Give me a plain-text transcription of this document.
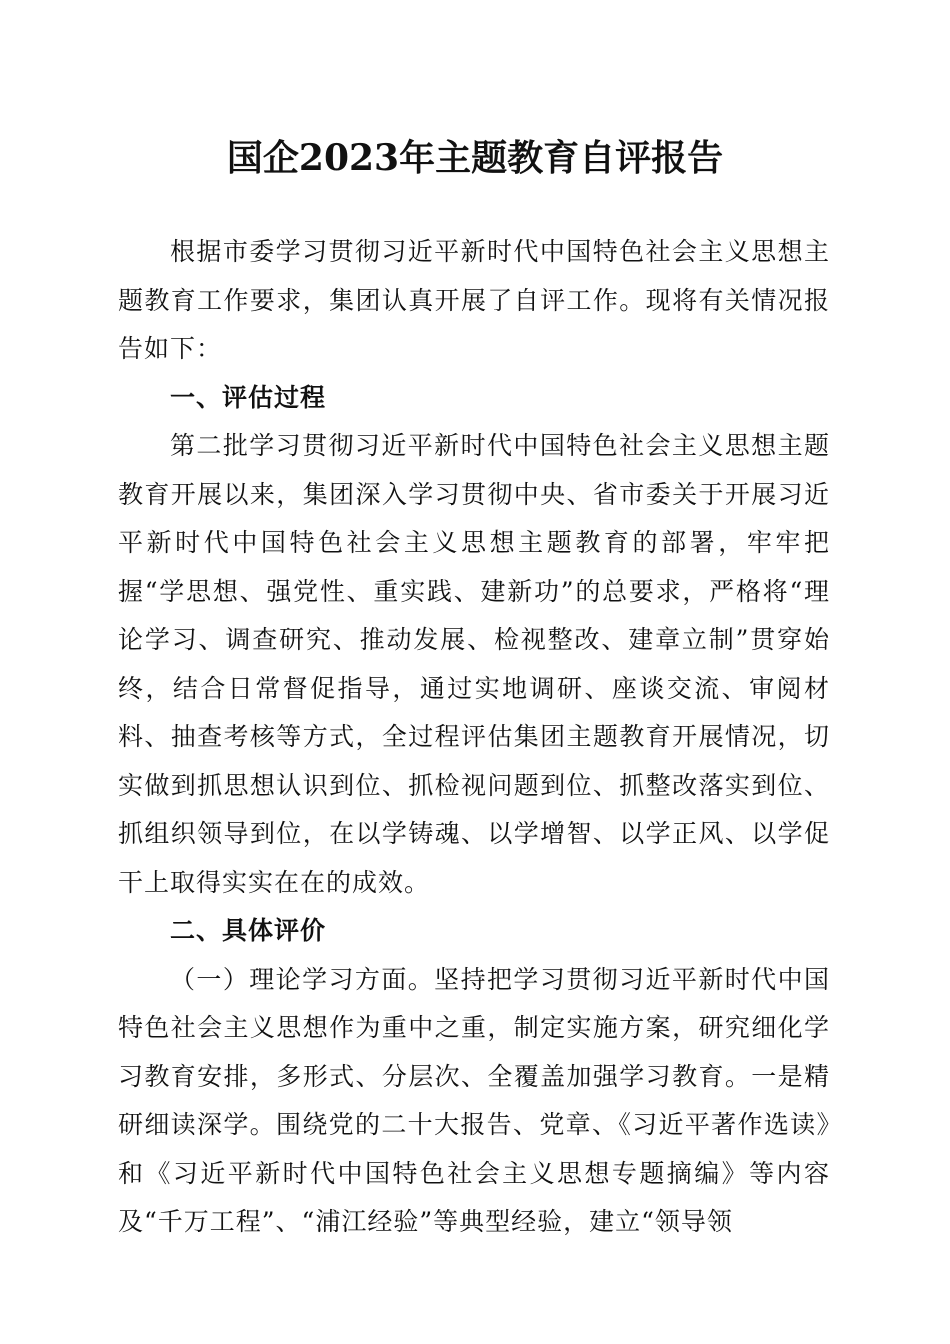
国企2023年主题教育自评报告

根据市委学习贯彻习近平新时代中国特色社会主义思想主题教育工作要求，集团认真开展了自评工作。现将有关情况报告如下：

一、评估过程

第二批学习贯彻习近平新时代中国特色社会主义思想主题教育开展以来，集团深入学习贯彻中央、省市委关于开展习近平新时代中国特色社会主义思想主题教育的部署，牢牢把握“学思想、强党性、重实践、建新功”的总要求，严格将“理论学习、调查研究、推动发展、检视整改、建章立制”贯穿始终，结合日常督促指导，通过实地调研、座谈交流、审阅材料、抽查考核等方式，全过程评估集团主题教育开展情况，切实做到抓思想认识到位、抓检视问题到位、抓整改落实到位、抓组织领导到位，在以学铸魂、以学增智、以学正风、以学促干上取得实实在在的成效。

二、具体评价

（一）理论学习方面。坚持把学习贯彻习近平新时代中国特色社会主义思想作为重中之重，制定实施方案，研究细化学习教育安排，多形式、分层次、全覆盖加强学习教育。一是精研细读深学。围绕党的二十大报告、党章、《习近平著作选读》和《习近平新时代中国特色社会主义思想专题摘编》等内容及“千万工程”、“浦江经验”等典型经验，建立“领导领
